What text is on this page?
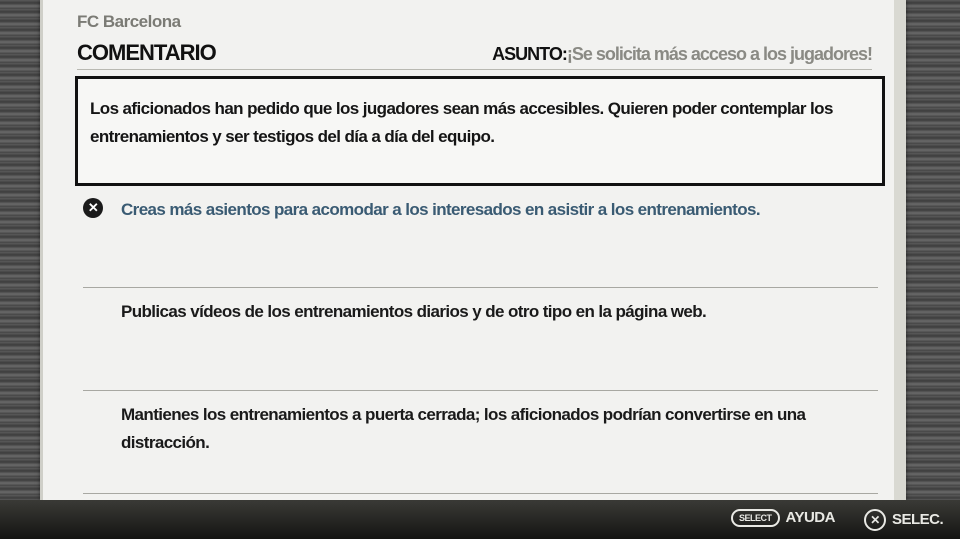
FC Barcelona
COMENTARIO	ASUNTO:¡Se solicita más acceso a los jugadores!
Los aficionados han pedido que los jugadores sean más accesibles. Quieren poder contemplar los entrenamientos y ser testigos del día a día del equipo.
✕ Creas más asientos para acomodar a los interesados en asistir a los entrenamientos.
Publicas vídeos de los entrenamientos diarios y de otro tipo en la página web.
Mantienes los entrenamientos a puerta cerrada; los aficionados podrían convertirse en una distracción.
SELECT AYUDA	✕ SELEC.
